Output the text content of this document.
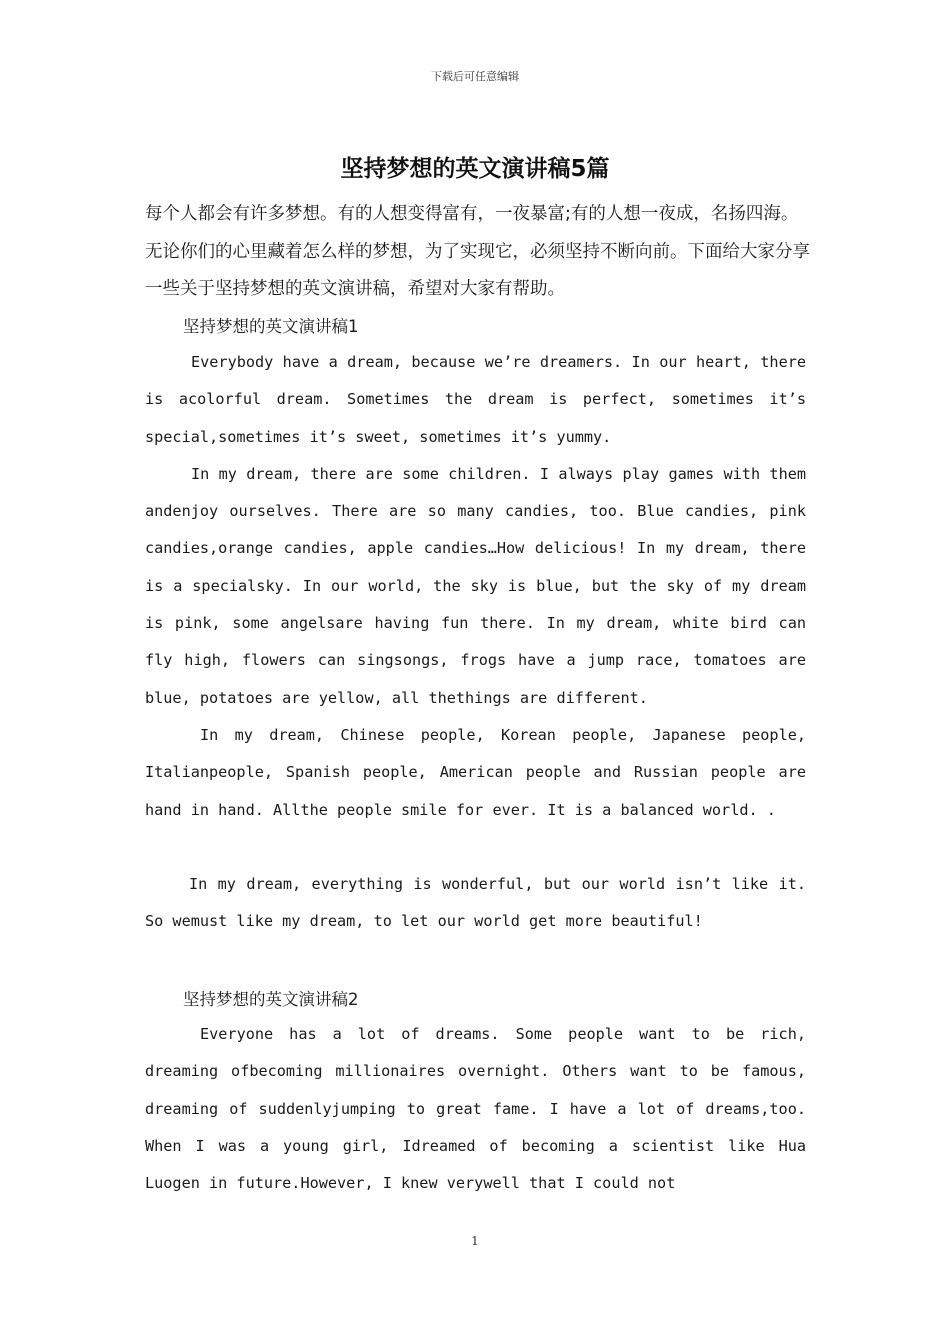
下载后可任意编辑
坚持梦想的英文演讲稿5篇
每个人都会有许多梦想。有的人想变得富有，一夜暴富;有的人想一夜成，名扬四海。无论你们的心里藏着怎么样的梦想，为了实现它，必须坚持不断向前。下面给大家分享一些关于坚持梦想的英文演讲稿，希望对大家有帮助。
坚持梦想的英文演讲稿1

Everybody have a dream, because we’re dreamers. In our heart, there is acolorful dream. Sometimes the dream is perfect, sometimes it’s special,sometimes it’s sweet, sometimes it’s yummy.

In my dream, there are some children. I always play games with them andenjoy ourselves. There are so many candies, too. Blue candies, pink candies,orange candies, apple candies…How delicious! In my dream, there is a specialsky. In our world, the sky is blue, but the sky of my dream is pink, some angelsare having fun there. In my dream, white bird can fly high, flowers can singsongs, frogs have a jump race, tomatoes are blue, potatoes are yellow, all thethings are different.

In my dream, Chinese people, Korean people, Japanese people, Italianpeople, Spanish people, American people and Russian people are hand in hand. Allthe people smile for ever. It is a balanced world. .

In my dream, everything is wonderful, but our world isn’t like it. So wemust like my dream, to let our world get more beautiful!

坚持梦想的英文演讲稿2

Everyone has a lot of dreams. Some people want to be rich, dreaming ofbecoming millionaires overnight. Others want to be famous, dreaming of suddenlyjumping to great fame. I have a lot of dreams,too. When I was a young girl, Idreamed of becoming a scientist like Hua Luogen in future.However, I knew verywell that I could not

1
